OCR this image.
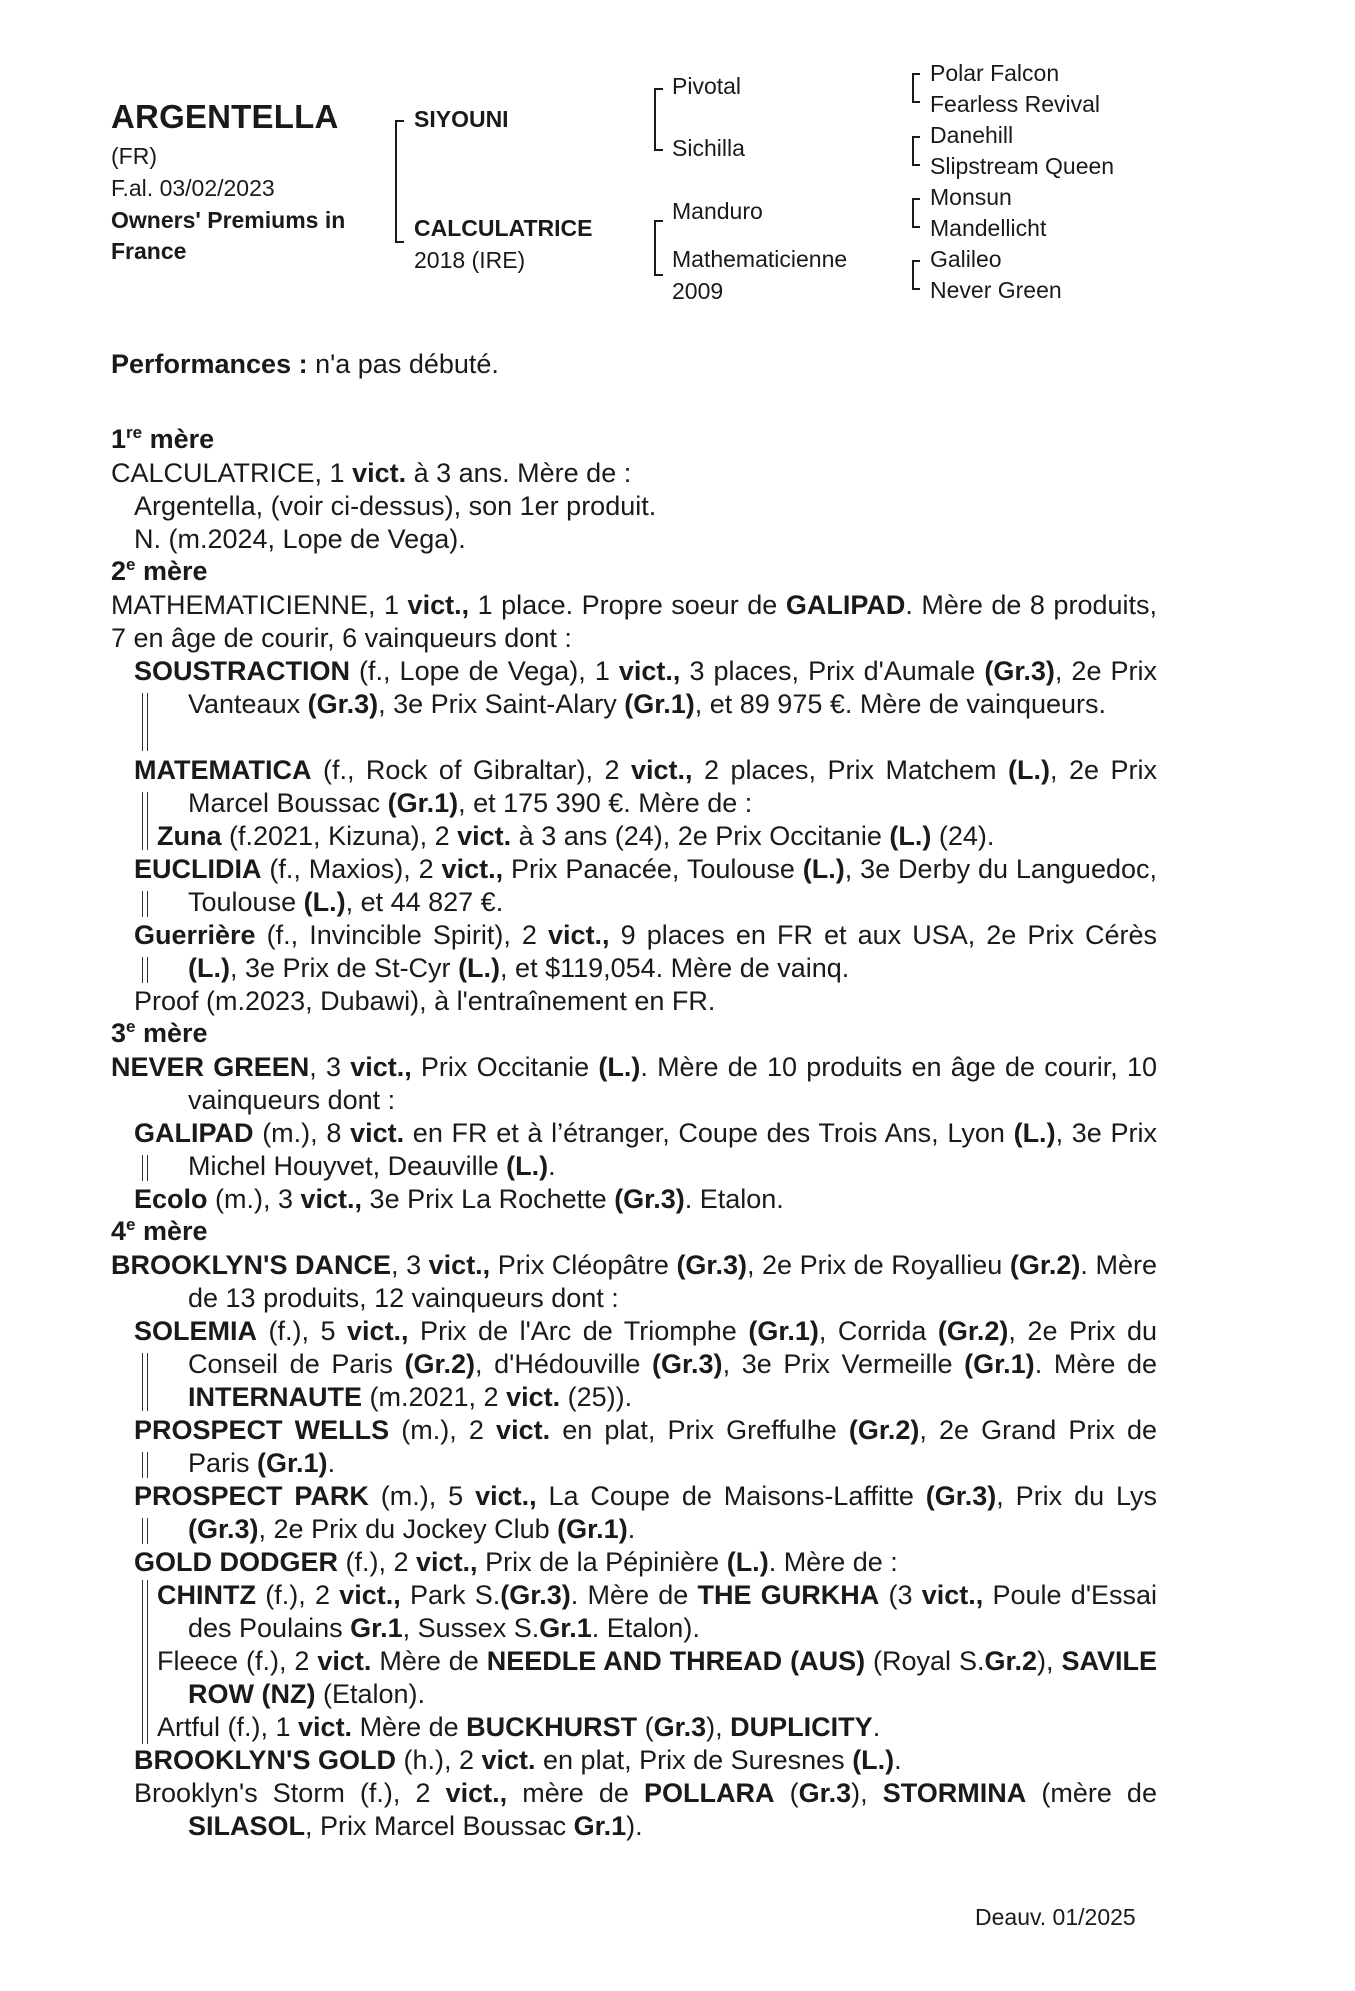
ARGENTELLA
(FR)
F.al. 03/02/2023
Owners' Premiums in
France
SIYOUNI
CALCULATRICE
2018 (IRE)
Pivotal
Sichilla
Manduro
Mathematicienne
2009
Polar Falcon
Fearless Revival
Danehill
Slipstream Queen
Monsun
Mandellicht
Galileo
Never Green
Performances : n'a pas débuté.
1re mère
CALCULATRICE, 1 vict. à 3 ans. Mère de :
Argentella, (voir ci-dessus), son 1er produit.
N. (m.2024, Lope de Vega).
2e mère
MATHEMATICIENNE, 1 vict., 1 place. Propre soeur de GALIPAD. Mère de 8 produits, 7 en âge de courir, 6 vainqueurs dont :
SOUSTRACTION (f., Lope de Vega), 1 vict., 3 places, Prix d'Aumale (Gr.3), 2e Prix Vanteaux (Gr.3), 3e Prix Saint-Alary (Gr.1), et 89 975 €. Mère de vainqueurs.
MATEMATICA (f., Rock of Gibraltar), 2 vict., 2 places, Prix Matchem (L.), 2e Prix Marcel Boussac (Gr.1), et 175 390 €. Mère de :
Zuna (f.2021, Kizuna), 2 vict. à 3 ans (24), 2e Prix Occitanie (L.) (24).
EUCLIDIA (f., Maxios), 2 vict., Prix Panacée, Toulouse (L.), 3e Derby du Languedoc, Toulouse (L.), et 44 827 €.
Guerrière (f., Invincible Spirit), 2 vict., 9 places en FR et aux USA, 2e Prix Cérès (L.), 3e Prix de St-Cyr (L.), et $119,054. Mère de vainq.
Proof (m.2023, Dubawi), à l'entraînement en FR.
3e mère
NEVER GREEN, 3 vict., Prix Occitanie (L.). Mère de 10 produits en âge de courir, 10 vainqueurs dont :
GALIPAD (m.), 8 vict. en FR et à l’étranger, Coupe des Trois Ans, Lyon (L.), 3e Prix Michel Houyvet, Deauville (L.).
Ecolo (m.), 3 vict., 3e Prix La Rochette (Gr.3). Etalon.
4e mère
BROOKLYN'S DANCE, 3 vict., Prix Cléopâtre (Gr.3), 2e Prix de Royallieu (Gr.2). Mère de 13 produits, 12 vainqueurs dont :
SOLEMIA (f.), 5 vict., Prix de l'Arc de Triomphe (Gr.1), Corrida (Gr.2), 2e Prix du Conseil de Paris (Gr.2), d'Hédouville (Gr.3), 3e Prix Vermeille (Gr.1). Mère de INTERNAUTE (m.2021, 2 vict. (25)).
PROSPECT WELLS (m.), 2 vict. en plat, Prix Greffulhe (Gr.2), 2e Grand Prix de Paris (Gr.1).
PROSPECT PARK (m.), 5 vict., La Coupe de Maisons-Laffitte (Gr.3), Prix du Lys (Gr.3), 2e Prix du Jockey Club (Gr.1).
GOLD DODGER (f.), 2 vict., Prix de la Pépinière (L.). Mère de :
CHINTZ (f.), 2 vict., Park S.(Gr.3). Mère de THE GURKHA (3 vict., Poule d'Essai des Poulains Gr.1, Sussex S.Gr.1. Etalon).
Fleece (f.), 2 vict. Mère de NEEDLE AND THREAD (AUS) (Royal S.Gr.2), SAVILE ROW (NZ) (Etalon).
Artful (f.), 1 vict. Mère de BUCKHURST (Gr.3), DUPLICITY.
BROOKLYN'S GOLD (h.), 2 vict. en plat, Prix de Suresnes (L.).
Brooklyn's Storm (f.), 2 vict., mère de POLLARA (Gr.3), STORMINA (mère de SILASOL, Prix Marcel Boussac Gr.1).
Deauv. 01/2025
